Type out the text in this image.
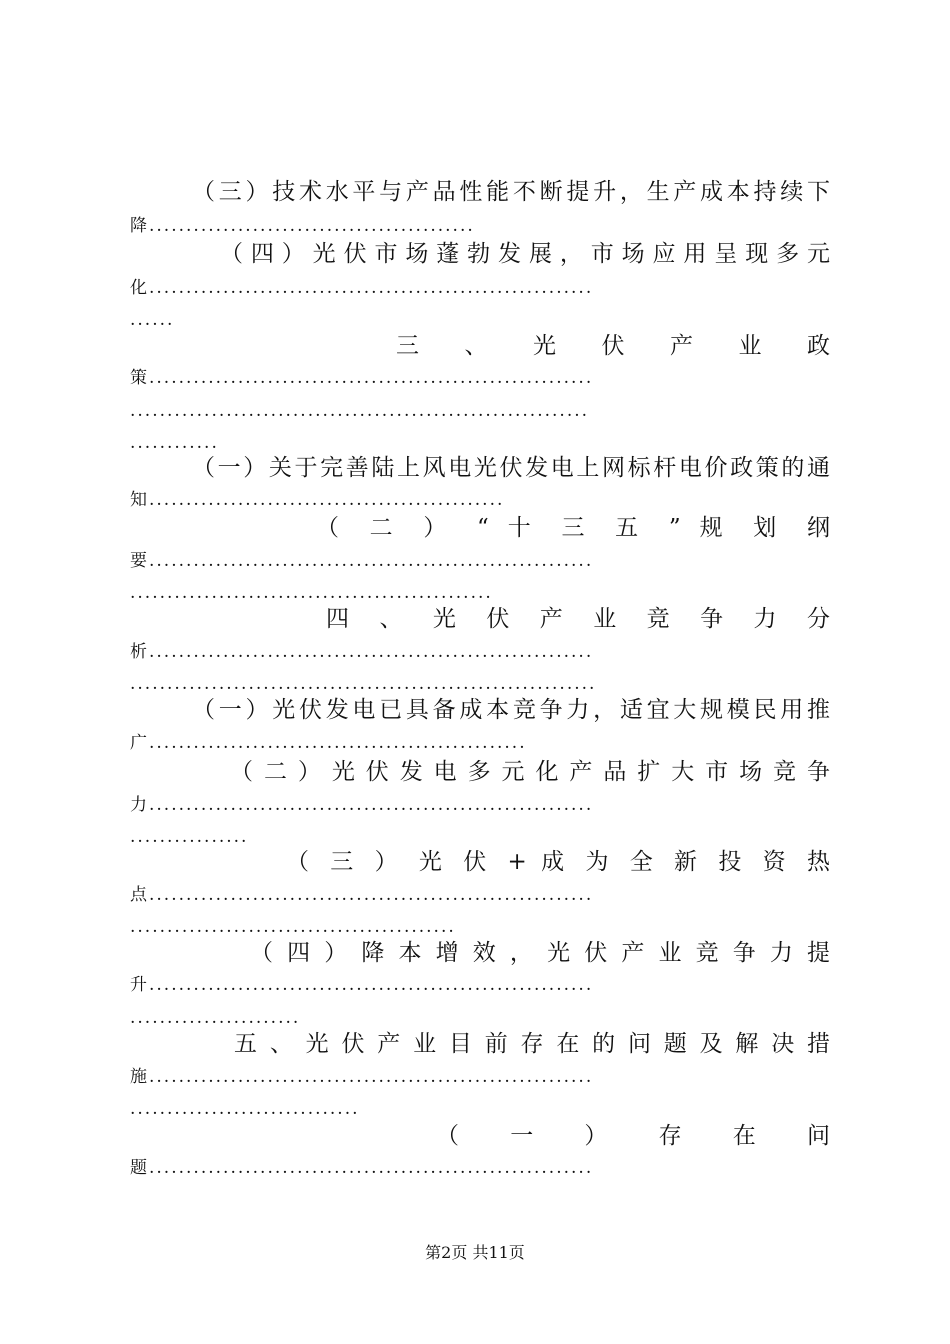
（三）技术水平与产品性能不断提升，生产成本持续下
降............................................
（四）光伏市场蓬勃发展，市场应用呈现多元
化............................................................
......
三 、 光 伏 产 业 政
策............................................................
..............................................................
............
（一）关于完善陆上风电光伏发电上网标杆电价政策的通
知................................................
（ 二 ） “ 十 三 五 ” 规 划 纲
要............................................................
.................................................
四 、 光 伏 产 业 竞 争 力 分
析............................................................
...............................................................
（一）光伏发电已具备成本竞争力，适宜大规模民用推
广...................................................
（二）光伏发电多元化产品扩大市场竞争
力............................................................
................
（ 三 ） 光 伏 + 成 为 全 新 投 资 热
点............................................................
............................................
（四）降本增效，光伏产业竞争力提
升............................................................
.......................
五、光伏产业目前存在的问题及解决措
施............................................................
...............................
（ 一 ） 存 在 问
题............................................................
第2页 共11页
